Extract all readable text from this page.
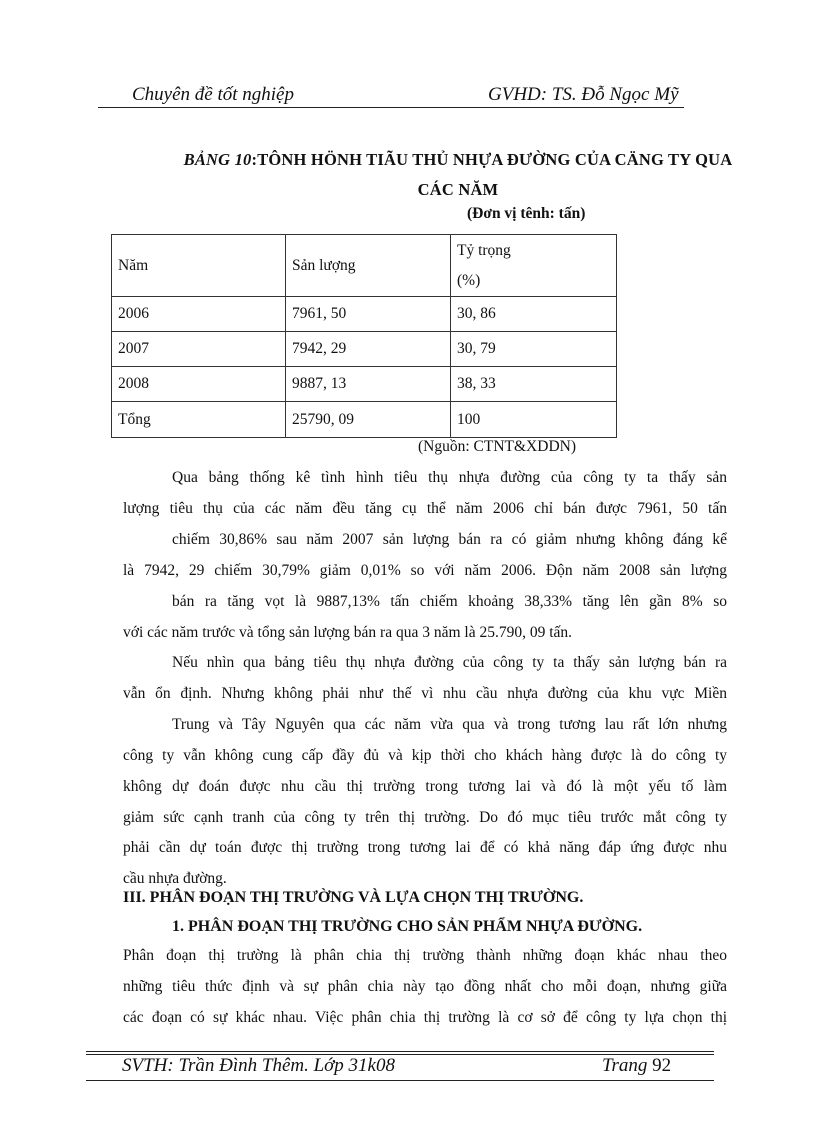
Chuyên đề tốt nghiệp	GVHD: TS. Đỗ Ngọc Mỹ
BẢNG 10:TÔNH HÖNH TIÃU THỦ NHỰA ĐƯỜNG CỦA CÄNG TY QUA
CÁC NĂM
(Đơn vị tênh: tấn)
Năm	Sản lượng	Tỷ trọng
(%)

2006	7961, 50	30, 86
2007	7942, 29	30, 79
2008	9887, 13	38, 33
Tổng	25790, 09	100
(Nguồn: CTNT&XDDN)
Qua bảng thống kê tình hình tiêu thụ nhựa đường của công ty ta thấy sản
lượng tiêu thụ của các năm đều tăng cụ thể năm 2006 chỉ bán được 7961, 50 tấn
chiếm 30,86% sau năm 2007 sản lượng bán ra có giảm nhưng không đáng kể
là 7942, 29 chiếm 30,79% giảm 0,01% so với năm 2006. Độn năm 2008 sản lượng
bán ra tăng vọt là 9887,13% tấn chiếm khoảng 38,33% tăng lên gần 8% so
với các năm trước và tổng sản lượng bán ra qua 3 năm là 25.790, 09 tấn.
Nếu nhìn qua bảng tiêu thụ nhựa đường của công ty ta thấy sản lượng bán ra
vẫn ổn định. Nhưng không phải như thế vì nhu cầu nhựa đường của khu vực Miền
Trung và Tây Nguyên qua các năm vừa qua và trong tương lau rất lớn nhưng
công ty vẫn không cung cấp đầy đủ và kịp thời cho khách hàng được là do công ty
không dự đoán được nhu cầu thị trường trong tương lai và đó là một yếu tố làm
giảm sức cạnh tranh của công ty trên thị trường. Do đó mục tiêu trước mắt công ty
phải cần dự toán được thị trường trong tương lai để có khả năng đáp ứng được nhu
cầu nhựa đường.
III. PHÂN ĐOẠN THỊ TRƯỜNG VÀ LỰA CHỌN THỊ TRƯỜNG.
1. PHÂN ĐOẠN THỊ TRƯỜNG CHO SẢN PHẨM NHỰA ĐƯỜNG.
Phân đoạn thị trường là phân chia thị trường thành những đoạn khác nhau theo
những tiêu thức định và sự phân chia này tạo đồng nhất cho mỗi đoạn, nhưng giữa
các đoạn có sự khác nhau. Việc phân chia thị trường là cơ sở để công ty lựa chọn thị
SVTH: Trần Đình Thêm. Lớp 31k08	Trang 92
